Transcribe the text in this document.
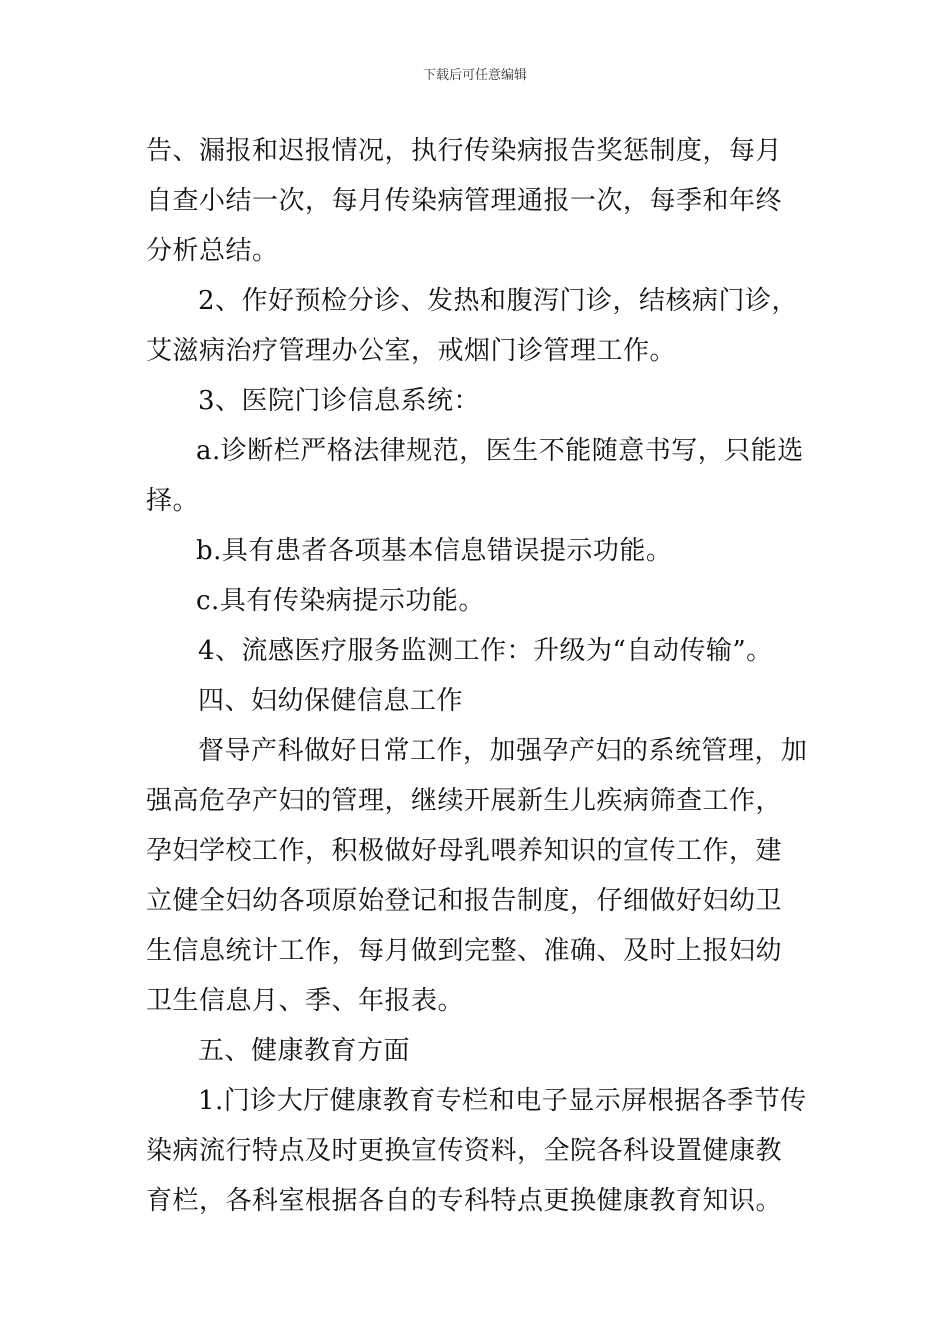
下载后可任意编辑

告、漏报和迟报情况，执行传染病报告奖惩制度，每月自查小结一次，每月传染病管理通报一次，每季和年终分析总结。

2、作好预检分诊、发热和腹泻门诊，结核病门诊，艾滋病治疗管理办公室，戒烟门诊管理工作。

3、医院门诊信息系统：

a.诊断栏严格法律规范，医生不能随意书写，只能选择。

b.具有患者各项基本信息错误提示功能。

c.具有传染病提示功能。

4、流感医疗服务监测工作：升级为“自动传输”。

四、妇幼保健信息工作

督导产科做好日常工作，加强孕产妇的系统管理，加强高危孕产妇的管理，继续开展新生儿疾病筛查工作，孕妇学校工作，积极做好母乳喂养知识的宣传工作，建立健全妇幼各项原始登记和报告制度，仔细做好妇幼卫生信息统计工作，每月做到完整、准确、及时上报妇幼卫生信息月、季、年报表。

五、健康教育方面

1.门诊大厅健康教育专栏和电子显示屏根据各季节传染病流行特点及时更换宣传资料，全院各科设置健康教育栏，各科室根据各自的专科特点更换健康教育知识。
